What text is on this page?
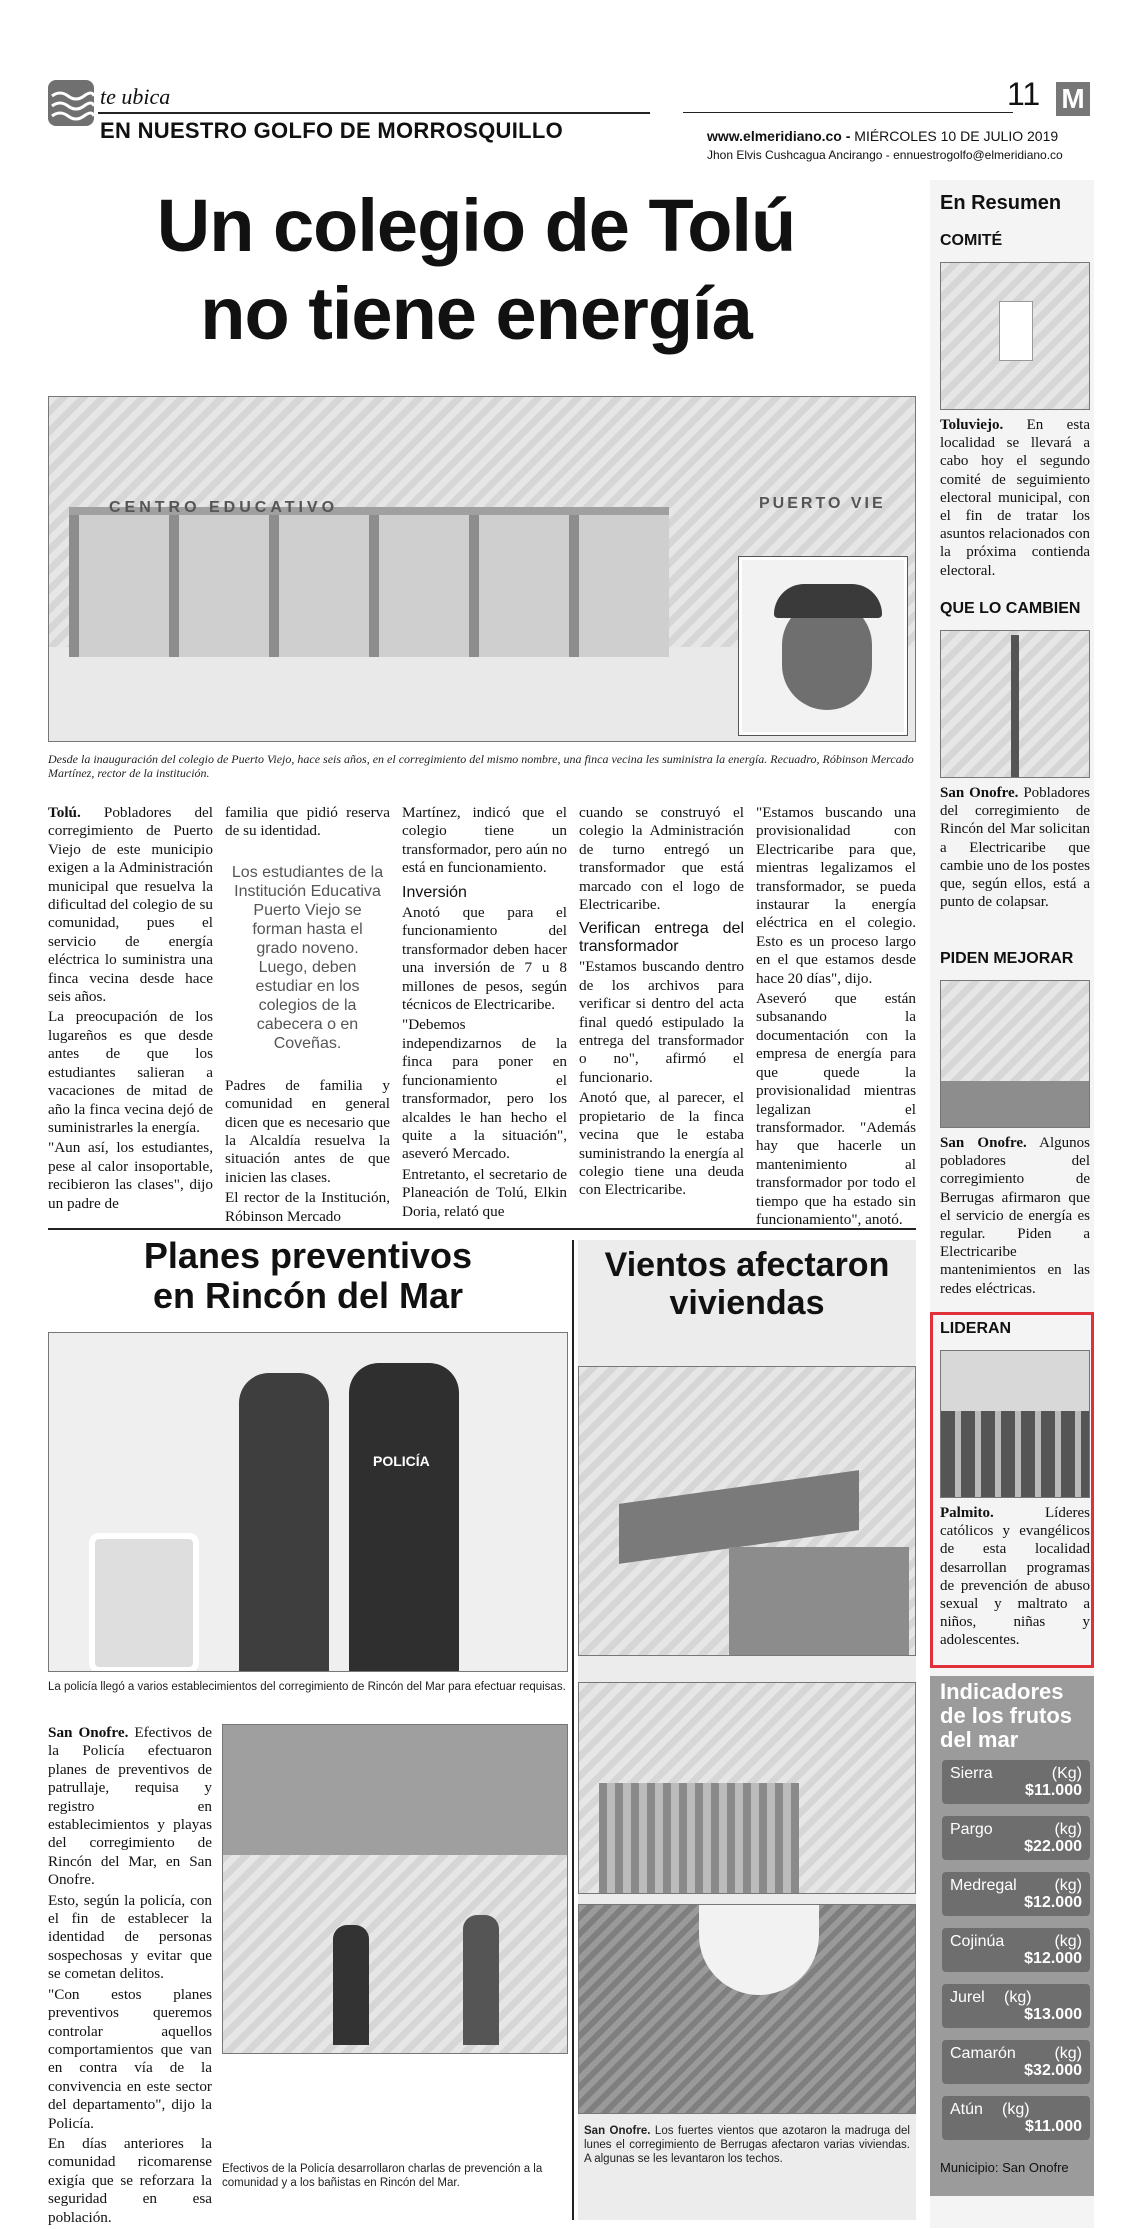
te ubica
EN NUESTRO GOLFO DE MORROSQUILLO
11 M
www.elmeridiano.co - MIÉRCOLES 10 DE JULIO 2019
Jhon Elvis Cushcagua Ancirango - ennuestrogolfo@elmeridiano.co
Un colegio de Tolú
no tiene energía
CENTRO EDUCATIVO	PUERTO VIE
Desde la inauguración del colegio de Puerto Viejo, hace seis años, en el corregimiento del mismo nombre, una finca vecina les suministra la energía. Recuadro, Róbinson Mercado Martínez, rector de la institución.

Tolú. Pobladores del corregimiento de Puerto Viejo de este municipio exigen a la Administración municipal que resuelva la dificultad del colegio de su comunidad, pues el servicio de energía eléctrica lo suministra una finca vecina desde hace seis años.

La preocupación de los lugareños es que desde antes de que los estudiantes salieran a vacaciones de mitad de año la finca vecina dejó de suministrarles la energía.

"Aun así, los estudiantes, pese al calor insoportable, recibieron las clases", dijo un padre de

familia que pidió reserva de su identidad.

Los estudiantes de la Institución Educativa Puerto Viejo se forman hasta el grado noveno. Luego, deben estudiar en los colegios de la cabecera o en Coveñas.

Padres de familia y comunidad en general dicen que es necesario que la Alcaldía resuelva la situación antes de que inicien las clases.

El rector de la Institución, Róbinson Mercado

Martínez, indicó que el colegio tiene un transformador, pero aún no está en funcionamiento.

Inversión

Anotó que para el funcionamiento del transformador deben hacer una inversión de 7 u 8 millones de pesos, según técnicos de Electricaribe.

"Debemos independizarnos de la finca para poner en funcionamiento el transformador, pero los alcaldes le han hecho el quite a la situación", aseveró Mercado.

Entretanto, el secretario de Planeación de Tolú, Elkin Doria, relató que

cuando se construyó el colegio la Administración de turno entregó un transformador que está marcado con el logo de Electricaribe.

Verifican entrega del transformador

"Estamos buscando dentro de los archivos para verificar si dentro del acta final quedó estipulado la entrega del transformador o no", afirmó el funcionario.

Anotó que, al parecer, el propietario de la finca vecina que le estaba suministrando la energía al colegio tiene una deuda con Electricaribe.

"Estamos buscando una provisionalidad con Electricaribe para que, mientras legalizamos el transformador, se pueda instaurar la energía eléctrica en el colegio. Esto es un proceso largo en el que estamos desde hace 20 días", dijo.

Aseveró que están subsanando la documentación con la empresa de energía para que quede la provisionalidad mientras legalizan el transformador. "Además hay que hacerle un mantenimiento al transformador por todo el tiempo que ha estado sin funcionamiento", anotó.

Planes preventivos
en Rincón del Mar
POLICÍA
La policía llegó a varios establecimientos del corregimiento de Rincón del Mar para efectuar requisas.

San Onofre. Efectivos de la Policía efectuaron planes de preventivos de patrullaje, requisa y registro en establecimientos y playas del corregimiento de Rincón del Mar, en San Onofre.

Esto, según la policía, con el fin de establecer la identidad de personas sospechosas y evitar que se cometan delitos.

"Con estos planes preventivos queremos controlar aquellos comportamientos que van en contra vía de la convivencia en este sector del departamento", dijo la Policía.

En días anteriores la comunidad ricomarense exigía que se reforzara la seguridad en esa población.

Efectivos de la Policía desarrollaron charlas de prevención a la comunidad y a los bañistas en Rincón del Mar.
Vientos afectaron
viviendas
San Onofre. Los fuertes vientos que azotaron la madruga del lunes el corregimiento de Berrugas afectaron varias viviendas. A algunas se les levantaron los techos.
En Resumen
COMITÉ
Toluviejo. En esta localidad se llevará a cabo hoy el segundo comité de seguimiento electoral municipal, con el fin de tratar los asuntos relacionados con la próxima contienda electoral.
QUE LO CAMBIEN
San Onofre. Pobladores del corregimiento de Rincón del Mar solicitan a Electricaribe que cambie uno de los postes que, según ellos, está a punto de colapsar.
PIDEN MEJORAR
San Onofre. Algunos pobladores del corregimiento de Berrugas afirmaron que el servicio de energía es regular. Piden a Electricaribe mantenimientos en las redes eléctricas.
LIDERAN
Palmito. Líderes católicos y evangélicos de esta localidad desarrollan programas de prevención de abuso sexual y maltrato a niños, niñas y adolescentes.
Indicadores
de los frutos
del mar
Sierra	(Kg)
$11.000
Pargo	(kg)
$22.000
Medregal (kg)
$12.000
Cojinúa	(kg)
$12.000
Jurel (kg)
$13.000
Camarón (kg)
$32.000
Atún (kg)
$11.000
Municipio: San Onofre
